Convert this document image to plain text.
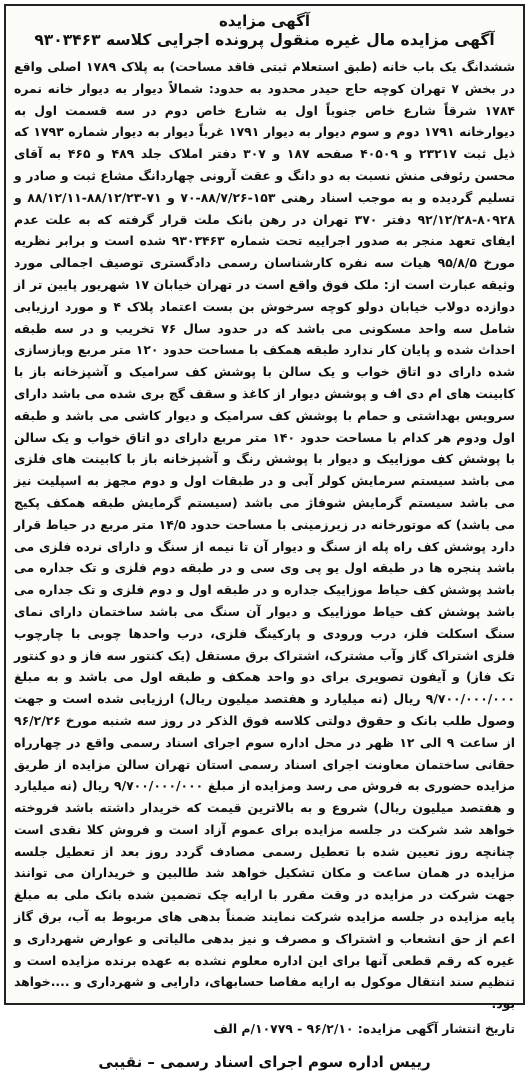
آگهی مزایده

آگهی مزایده مال غیره منقول پرونده اجرایی کلاسه ۹۳۰۳۴۶۳

ششدانگ یک باب خانه (طبق استعلام ثبتی فاقد مساحت) به پلاک ۱۷۸۹ اصلی واقع در بخش ۷ تهران کوچه حاج حیدر محدود به حدود: شمالاً دیوار به دیوار خانه نمره ۱۷۸۴ شرقاً شارع خاص جنوباً اول به شارع خاص دوم در سه قسمت اول به دیوارخانه ۱۷۹۱ دوم و سوم دیوار به دیوار ۱۷۹۱ غرباً دیوار به دیوار شماره ۱۷۹۳ که ذیل ثبت ۲۳۲۱۷ و ۴۰۵۰۹ صفحه ۱۸۷ و ۳۰۷ دفتر املاک جلد ۴۸۹ و ۴۶۵ به آقای محسن رئوفی منش نسبت به دو دانگ و عقت آرونی چهاردانگ مشاع ثبت و صادر و تسلیم گردیده و به موجب اسناد رهنی ۱۵۳-۸۸/۷/۲۶-۷۰ و ۷۱-۸۸/۱۲/۲۳-۸۸/۱۲/۱۱ و ۸۰۹۲۸-۹۲/۱۲/۲۸ دفتر ۳۷۰ تهران در رهن بانک ملت قرار گرفته که به علت عدم ایفای تعهد منجر به صدور اجراییه تحت شماره ۹۳۰۳۴۶۳ شده است و برابر نظریه مورخ ۹۵/۸/۵ هیات سه نفره کارشناسان رسمی دادگستری توصیف اجمالی مورد وثیقه عبارت است از: ملک فوق واقع است در تهران خیابان ۱۷ شهریور پایین تر از دوازده دولاب خیابان دولو کوچه سرخوش بن بست اعتماد پلاک ۴ و مورد ارزیابی شامل سه واحد مسکونی می باشد که در حدود سال ۷۶ تخریب و در سه طبقه احداث شده و پایان کار ندارد طبقه همکف با مساحت حدود ۱۲۰ متر مربع وبازسازی شده دارای دو اتاق خواب و یک سالن با پوشش کف سرامیک و آشپزخانه باز با کابینت های ام دی اف و پوشش دیوار از کاغذ و سقف گچ بری شده می باشد دارای سرویس بهداشتی و حمام با پوشش کف سرامیک و دیوار کاشی می باشد و طبقه اول ودوم هر کدام با مساحت حدود ۱۴۰ متر مربع دارای دو اتاق خواب و یک سالن با پوشش کف موزاییک و دیوار با پوشش رنگ و آشپزخانه باز با کابینت های فلزی می باشد سیستم سرمایش کولر آبی و در طبقات اول و دوم مجهز به اسپلیت نیز می باشد سیستم گرمایش شوفاژ می باشد (سیستم گرمایش طبقه همکف پکیج می باشد) که موتورخانه در زیرزمینی با مساحت حدود ۱۴/۵ متر مربع در حیاط قرار دارد پوشش کف راه پله از سنگ و دیوار آن تا نیمه از سنگ و دارای نرده فلزی می باشد پنجره ها در طبقه اول یو پی وی سی و در طبقه دوم فلزی و تک جداره می باشد پوشش کف حیاط موزاییک جداره و در طبقه اول و دوم فلزی و تک جداره می باشد پوشش کف حیاط موزاییک و دیوار آن سنگ می باشد ساختمان دارای نمای سنگ اسکلت فلز، درب ورودی و پارکینگ فلزی، درب واحدها چوبی با چارچوب فلزی اشتراک گاز وآب مشترک، اشتراک برق مستقل (یک کنتور سه فاز و دو کنتور تک فاز) و آیفون تصویری برای دو واحد همکف و طبقه اول می باشد و به مبلغ ۹/۷۰۰/۰۰۰/۰۰۰ ریال (نه میلیارد و هفتصد میلیون ریال) ارزیابی شده است و جهت وصول طلب بانک و حقوق دولتی کلاسه فوق الذکر در روز سه شنبه مورخ ۹۶/۲/۲۶ از ساعت ۹ الی ۱۲ ظهر در محل اداره سوم اجرای اسناد رسمی واقع در چهارراه حقانی ساختمان معاونت اجرای اسناد رسمی استان تهران سالن مزایده از طریق مزایده حضوری به فروش می رسد ومزایده از مبلغ ۹/۷۰۰/۰۰۰/۰۰۰ ریال (نه میلیارد و هفتصد میلیون ریال) شروع و به بالاترین قیمت که خریدار داشته باشد فروخته خواهد شد شرکت در جلسه مزایده برای عموم آزاد است و فروش کلا نقدی است چنانچه روز تعیین شده با تعطیل رسمی مصادف گردد روز بعد از تعطیل جلسه مزایده در همان ساعت و مکان تشکیل خواهد شد طالبین و خریداران می توانند جهت شرکت در مزایده در وقت مقرر با ارایه چک تضمین شده بانک ملی به مبلغ پایه مزایده در جلسه مزایده شرکت نمایند ضمناً بدهی های مربوط به آب، برق گاز اعم از حق انشعاب و اشتراک و مصرف و نیز بدهی مالیاتی و عوارض شهرداری و غیره که رقم قطعی آنها برای این اداره معلوم نشده به عهده برنده مزایده است و تنظیم سند انتقال موکول به ارایه مفاصا حسابهای، دارایی و شهرداری و ....خواهد بود.

تاریخ انتشار آگهی مزایده: ۹۶/۲/۱۰ - ۱۰۷۷۹/م الف
رییس اداره سوم اجرای اسناد رسمی – نقیبی
